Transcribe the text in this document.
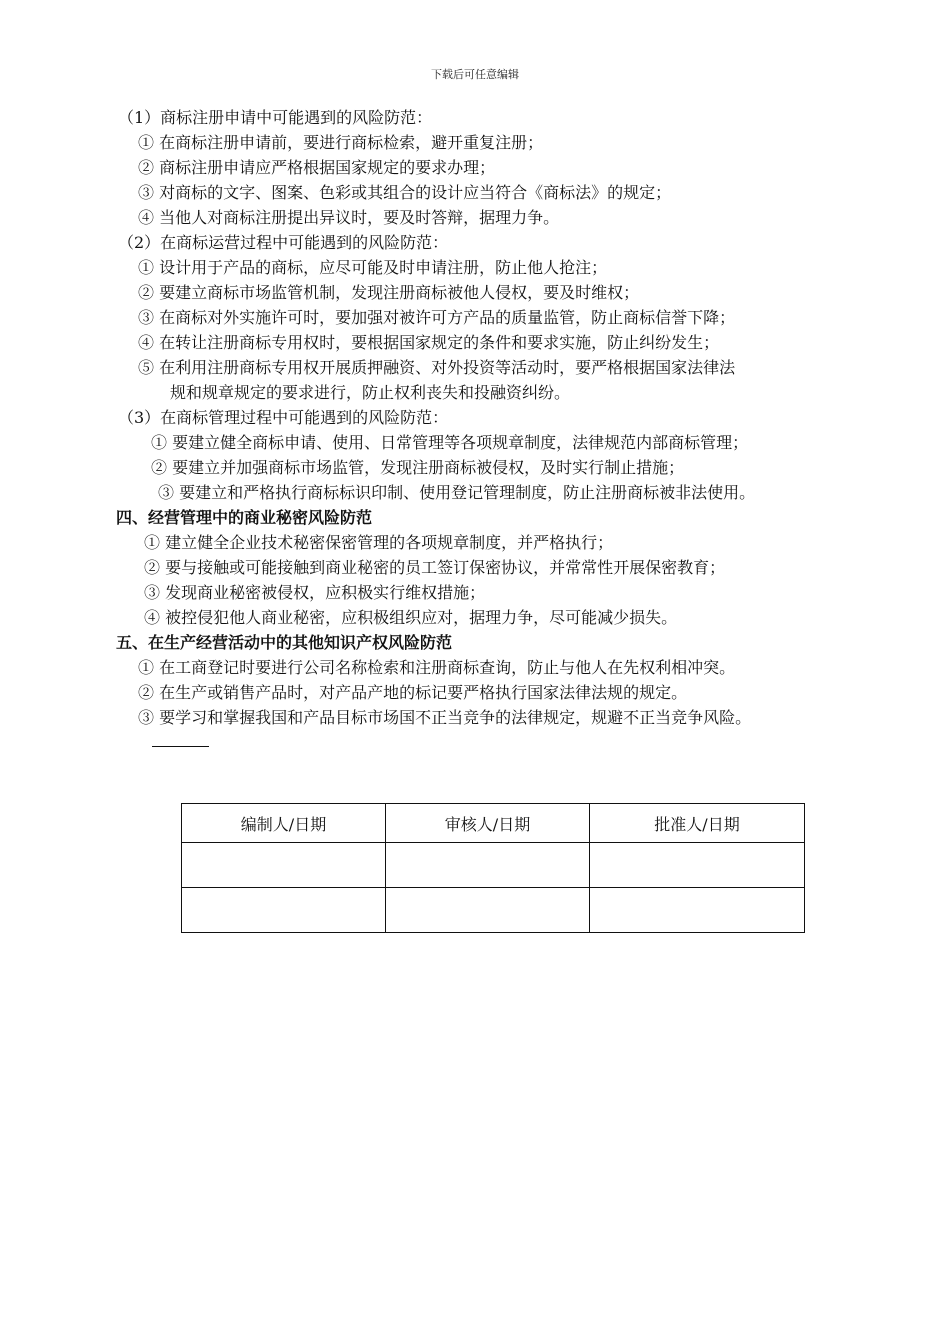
下载后可任意编辑
（1）商标注册申请中可能遇到的风险防范：
① 在商标注册申请前，要进行商标检索，避开重复注册；
② 商标注册申请应严格根据国家规定的要求办理；
③ 对商标的文字、图案、色彩或其组合的设计应当符合《商标法》的规定；
④ 当他人对商标注册提出异议时，要及时答辩，据理力争。
（2）在商标运营过程中可能遇到的风险防范：
① 设计用于产品的商标，应尽可能及时申请注册，防止他人抢注；
② 要建立商标市场监管机制，发现注册商标被他人侵权，要及时维权；
③ 在商标对外实施许可时，要加强对被许可方产品的质量监管，防止商标信誉下降；
④ 在转让注册商标专用权时，要根据国家规定的条件和要求实施，防止纠纷发生；
⑤ 在利用注册商标专用权开展质押融资、对外投资等活动时，要严格根据国家法律法
规和规章规定的要求进行，防止权利丧失和投融资纠纷。
（3）在商标管理过程中可能遇到的风险防范：
① 要建立健全商标申请、使用、日常管理等各项规章制度，法律规范内部商标管理；
② 要建立并加强商标市场监管，发现注册商标被侵权，及时实行制止措施；
③ 要建立和严格执行商标标识印制、使用登记管理制度，防止注册商标被非法使用。
四、经营管理中的商业秘密风险防范
① 建立健全企业技术秘密保密管理的各项规章制度，并严格执行；
② 要与接触或可能接触到商业秘密的员工签订保密协议，并常常性开展保密教育；
③ 发现商业秘密被侵权，应积极实行维权措施；
④ 被控侵犯他人商业秘密，应积极组织应对，据理力争，尽可能减少损失。
五、在生产经营活动中的其他知识产权风险防范
① 在工商登记时要进行公司名称检索和注册商标查询，防止与他人在先权利相冲突。
② 在生产或销售产品时，对产品产地的标记要严格执行国家法律法规的规定。
③ 要学习和掌握我国和产品目标市场国不正当竞争的法律规定，规避不正当竞争风险。
编制人/日期	审核人/日期	批准人/日期
